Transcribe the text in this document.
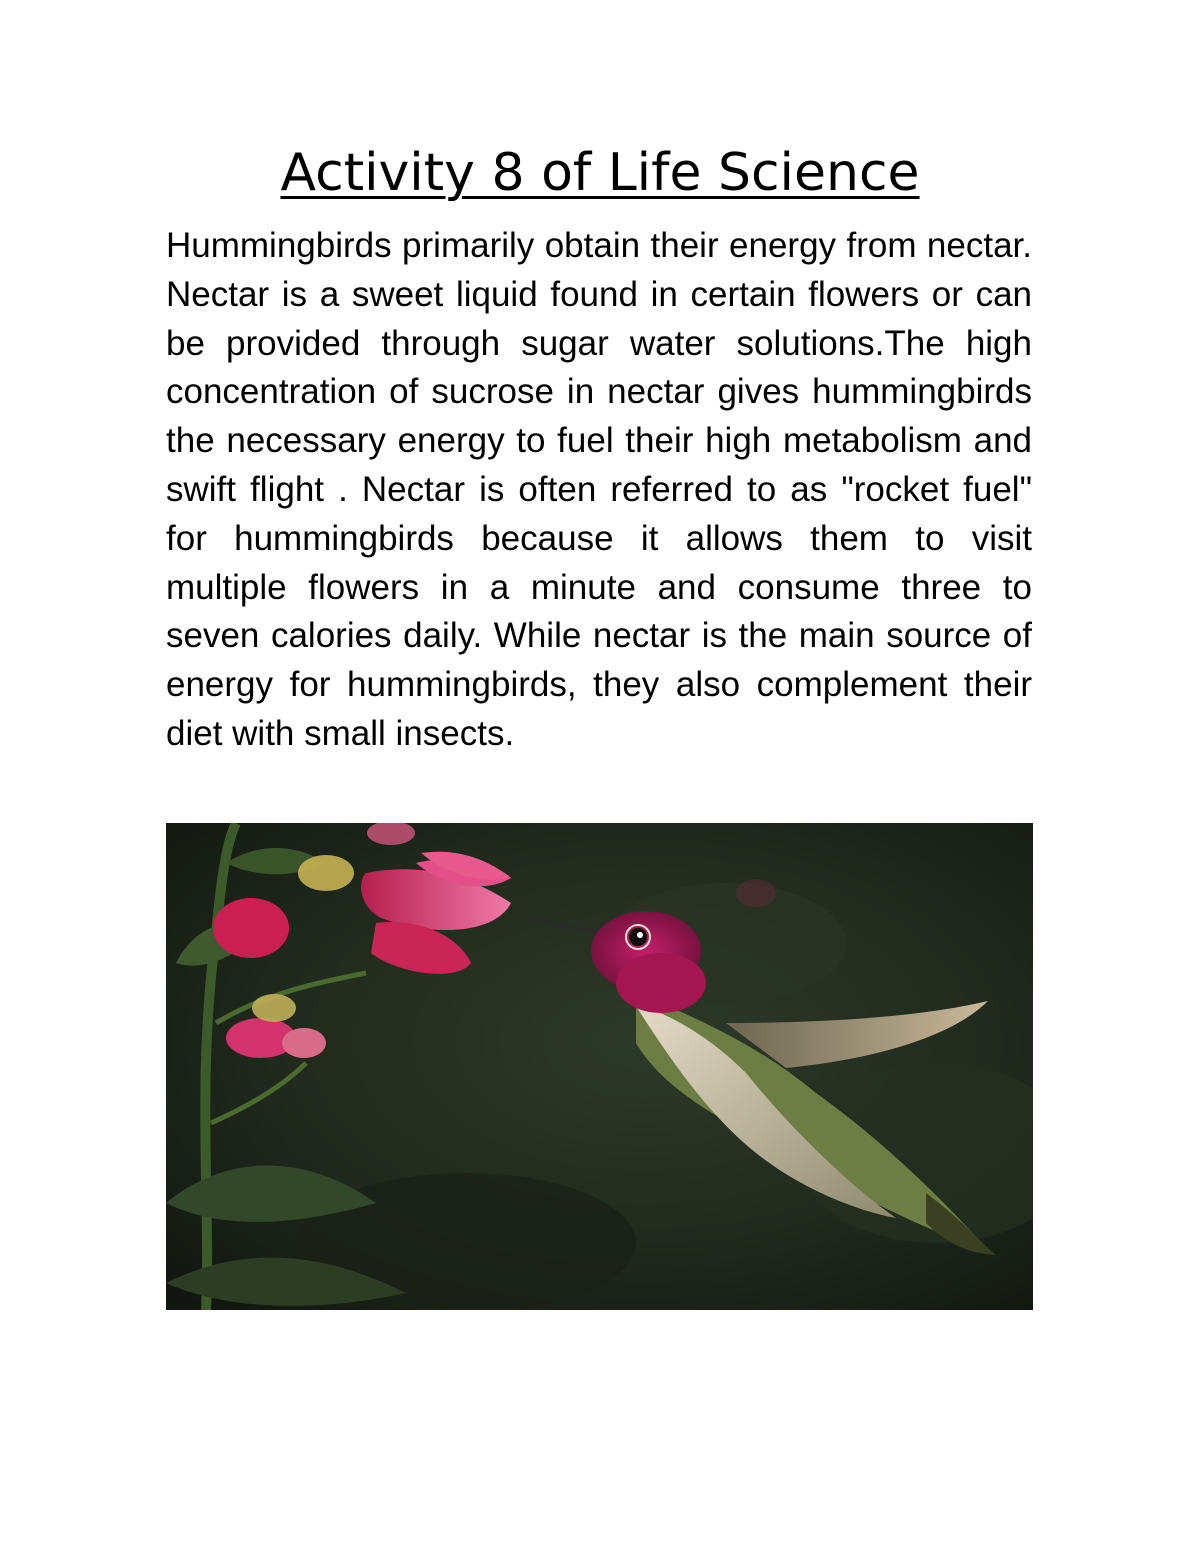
Activity 8 of Life Science

Hummingbirds primarily obtain their energy from nectar. Nectar is a sweet liquid found in certain flowers or can be provided through sugar water solutions.The high concentration of sucrose in nectar gives hummingbirds the necessary energy to fuel their high metabolism and swift flight . Nectar is often referred to as "rocket fuel" for hummingbirds because it allows them to visit multiple flowers in a minute and consume three to seven calories daily. While nectar is the main source of energy for hummingbirds, they also complement their diet with small insects.
